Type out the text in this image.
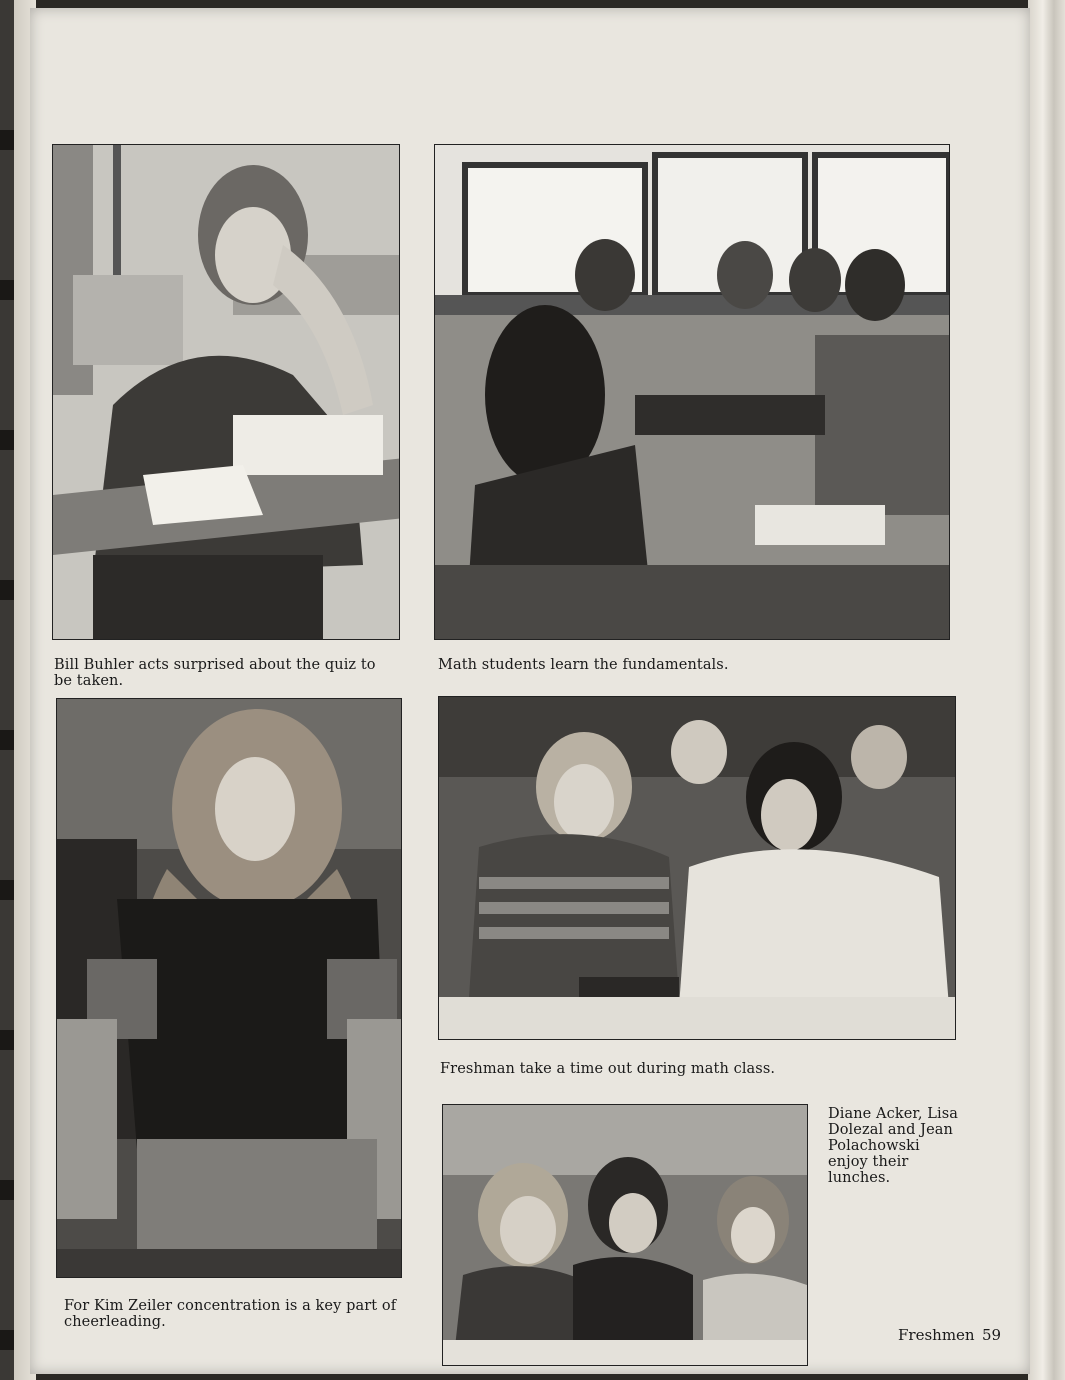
Bill Buhler acts surprised about the quiz to be taken.
Math students learn the fundamentals.
For Kim Zeiler concentration is a key part of cheerleading.
Freshman take a time out during math class.
Diane Acker, Lisa Dolezal and Jean Polachowski enjoy their lunches.
Freshmen 59
